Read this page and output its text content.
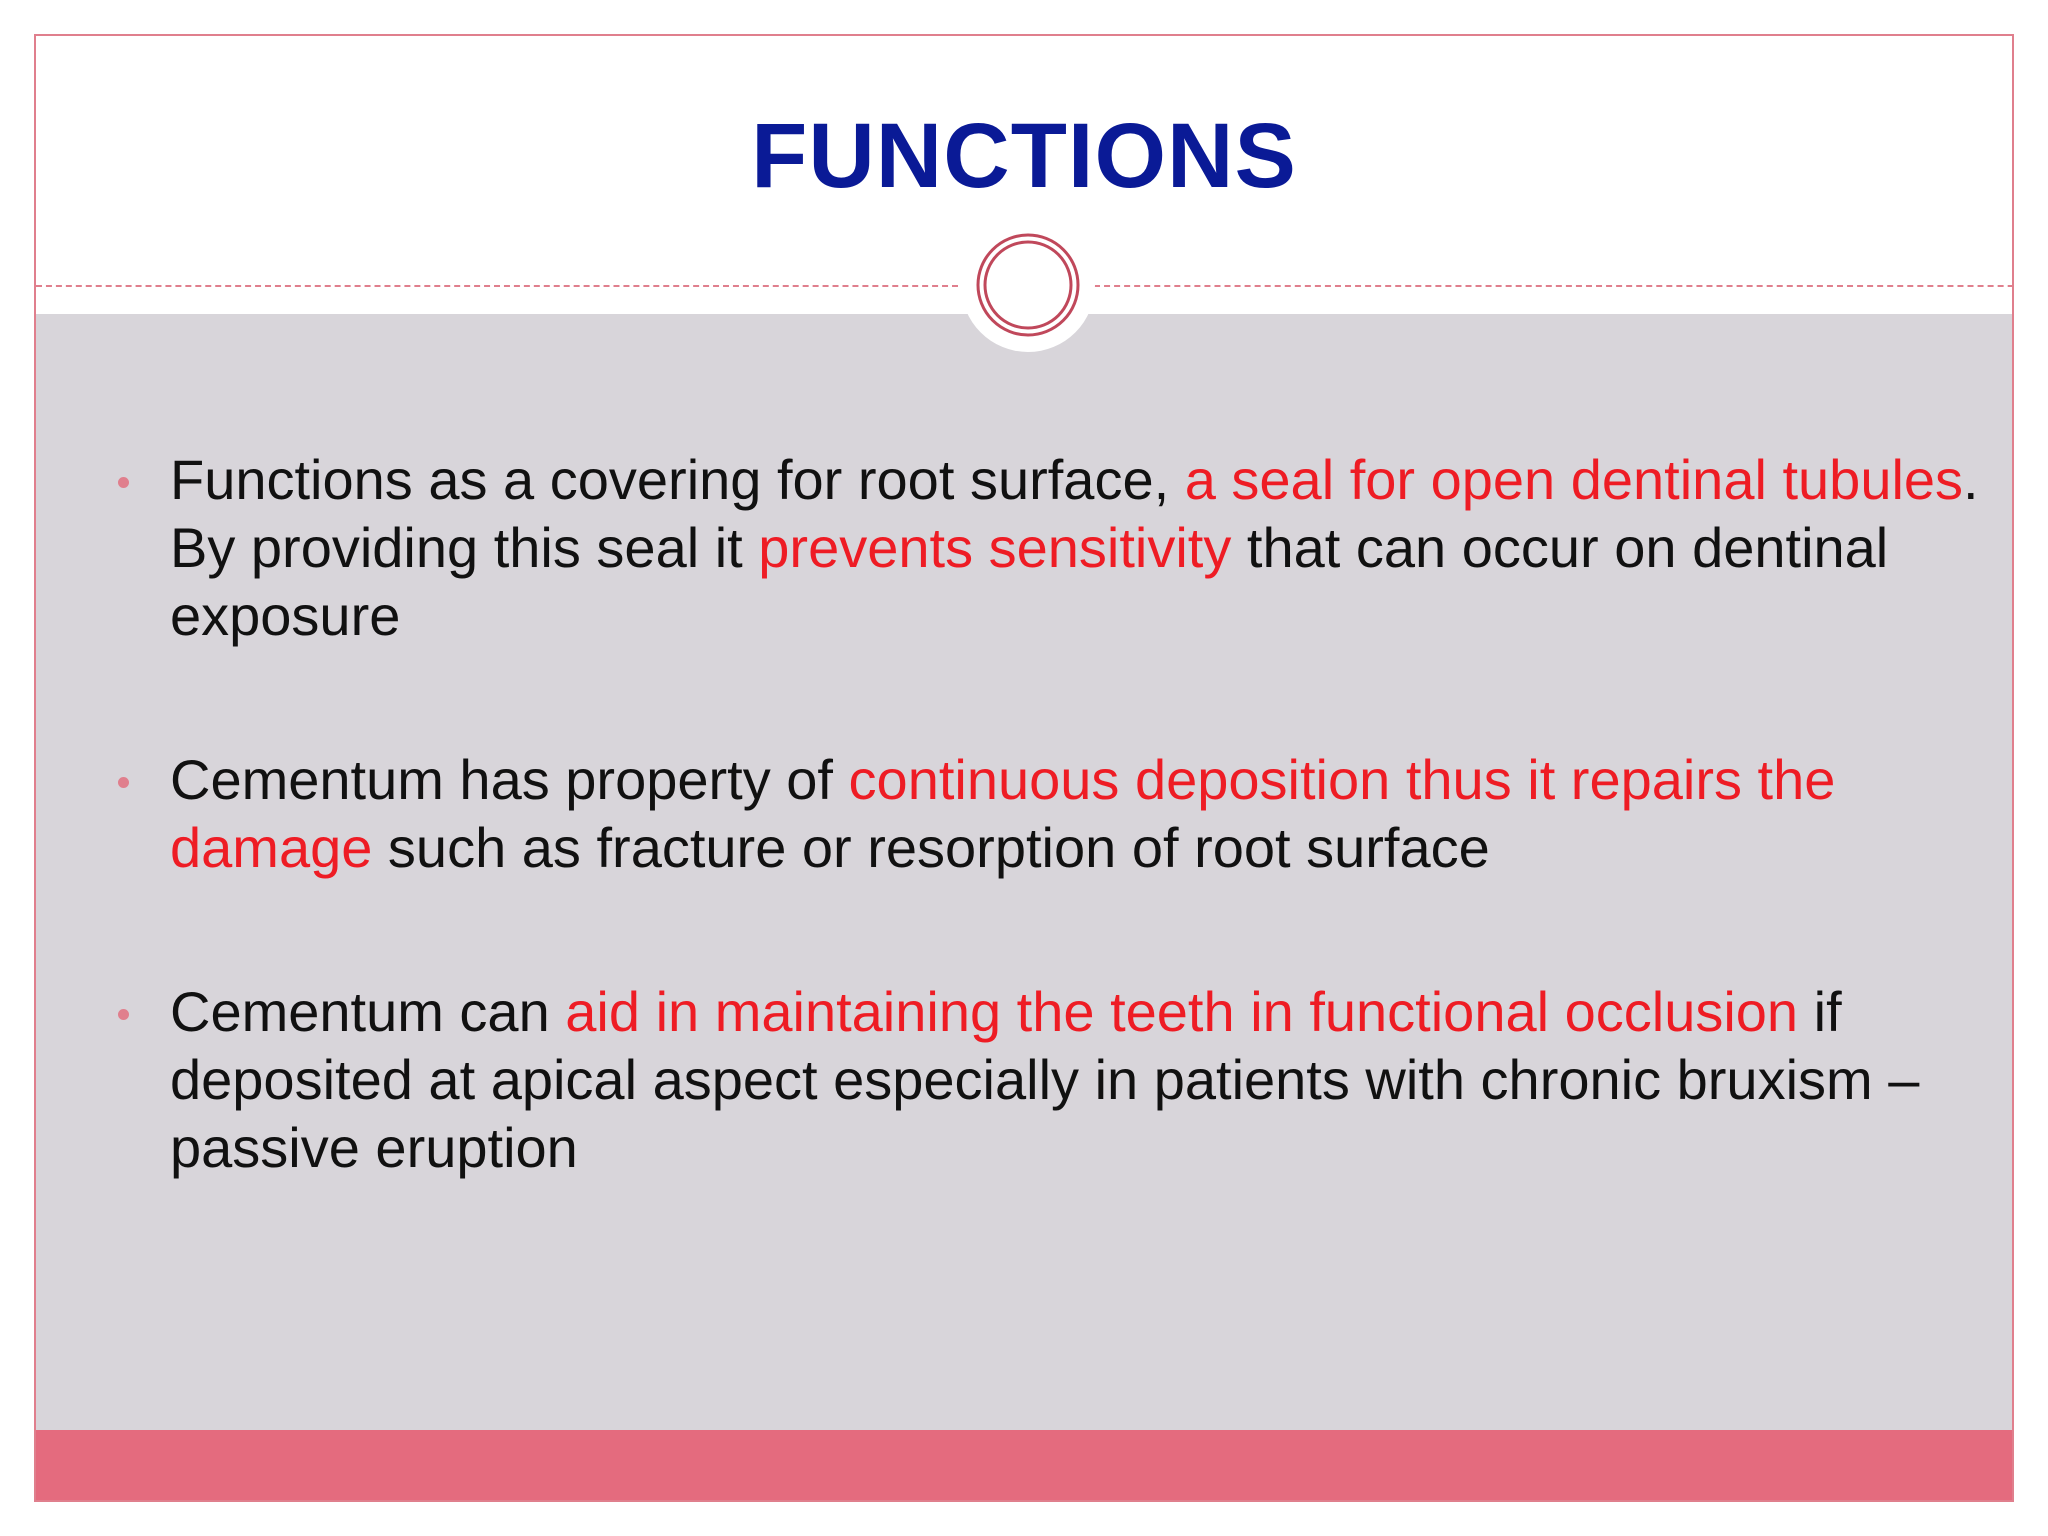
FUNCTIONS
Functions as a covering for root surface, a seal for open dentinal tubules. By providing this seal it prevents sensitivity that can occur on dentinal exposure
Cementum has property of continuous deposition thus it repairs the damage such as fracture or resorption of root surface
Cementum can aid in maintaining the teeth in functional occlusion if deposited at apical aspect especially in patients with chronic bruxism – passive eruption
